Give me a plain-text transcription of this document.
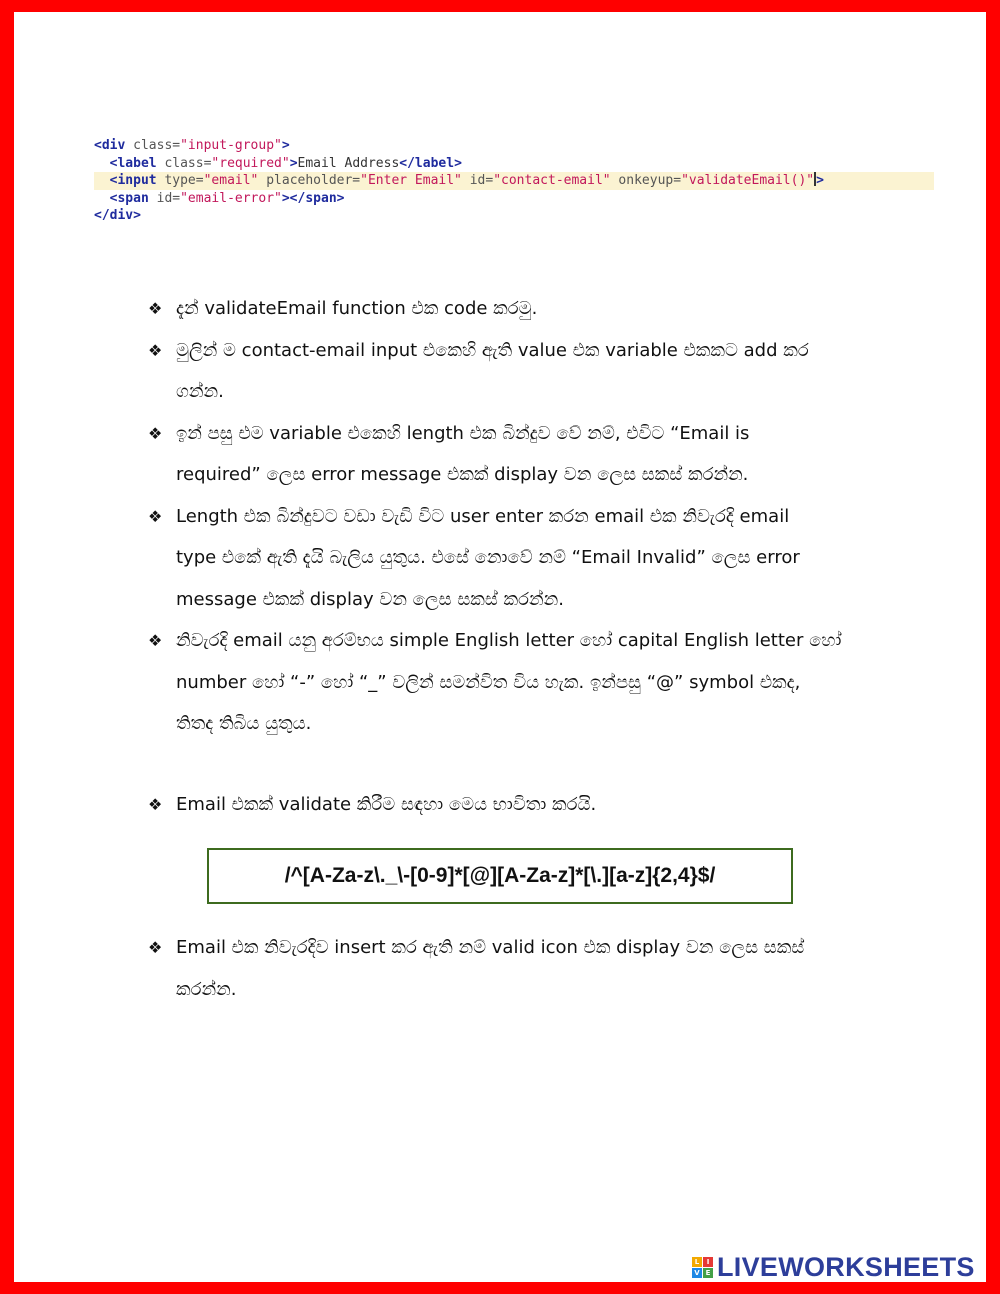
<div class="input-group">
<label class="required">Email Address</label>
<input type="email" placeholder="Enter Email" id="contact-email" onkeyup="validateEmail()" >
<span id="email-error"></span>
</div>
❖ දැන් validateEmail function එක code කරමු.
❖ මුලින් ම contact-email input එකෙහි ඇති value එක variable එකකට add කර
ගන්න.
❖ ඉන් පසු එම variable එකෙහි length එක බින්දුව වේ නම්, එවිට “Email is
required” ලෙස error message එකක් display වන ලෙස සකස් කරන්න.
❖ Length එක බින්දුවට වඩා වැඩි විට user enter කරන email එක නිවැරදි email
type එකේ ඇති දැයි බැලිය යුතුය. එසේ නොවේ නම් “Email Invalid” ලෙස error
message එකක් display වන ලෙස සකස් කරන්න.
❖ නිවැරදි email යනු අරම්භය simple English letter හෝ capital English letter හෝ
number හෝ “-” හෝ “_” වලින් සමන්විත විය හැක. ඉන්පසු “@” symbol එකද,
තිතද තිබිය යුතුය.
❖ Email එකක් validate කිරීම සඳහා මෙය භාවිතා කරයි.
/^[A-Za-z\._\-[0-9]*[@][A-Za-z]*[\.][a-z]{2,4}$/
❖ Email එක නිවැරදිව insert කර ඇති නම් valid icon එක display වන ලෙස සකස්
කරන්න.
L	I
V E LIVEWORKSHEETS
